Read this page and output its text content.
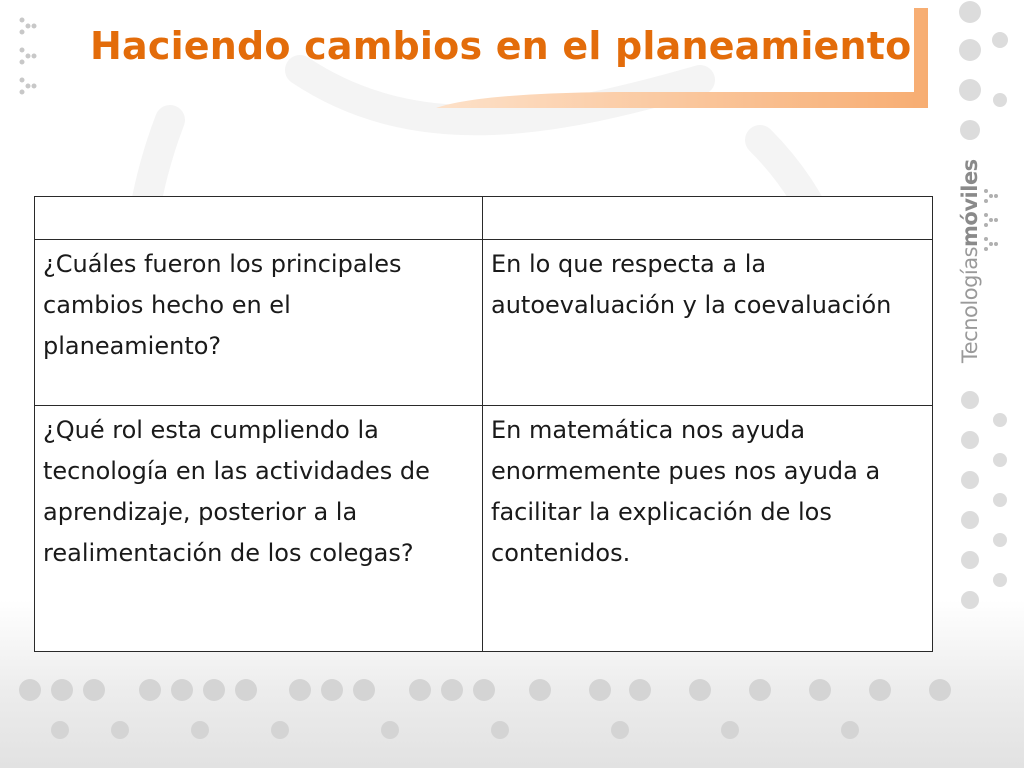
Haciendo cambios en el planeamiento
Tecnologíasmóviles

¿Cuáles fueron los principales cambios hecho en el planeamiento?	En lo que respecta a la autoevaluación y la coevaluación
¿Qué rol esta cumpliendo la tecnología en las actividades de aprendizaje, posterior a la realimentación de los colegas?	En matemática nos ayuda enormemente pues nos ayuda a facilitar la explicación de los contenidos.
